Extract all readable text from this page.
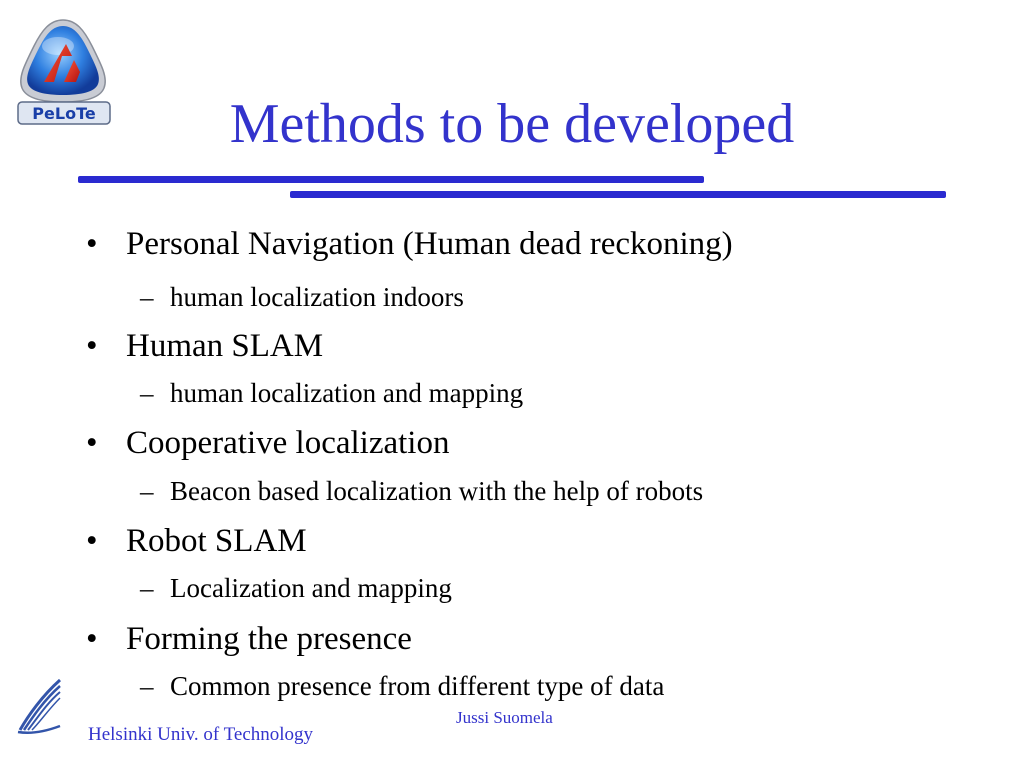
PeLoTe	Methods to be developed
• Personal Navigation (Human dead reckoning)
– human localization indoors
• Human SLAM
– human localization and mapping
• Cooperative localization
– Beacon based localization with the help of robots
• Robot SLAM
– Localization and mapping
• Forming the presence
– Common presence from different type of data
Jussi Suomela
Helsinki Univ. of Technology
